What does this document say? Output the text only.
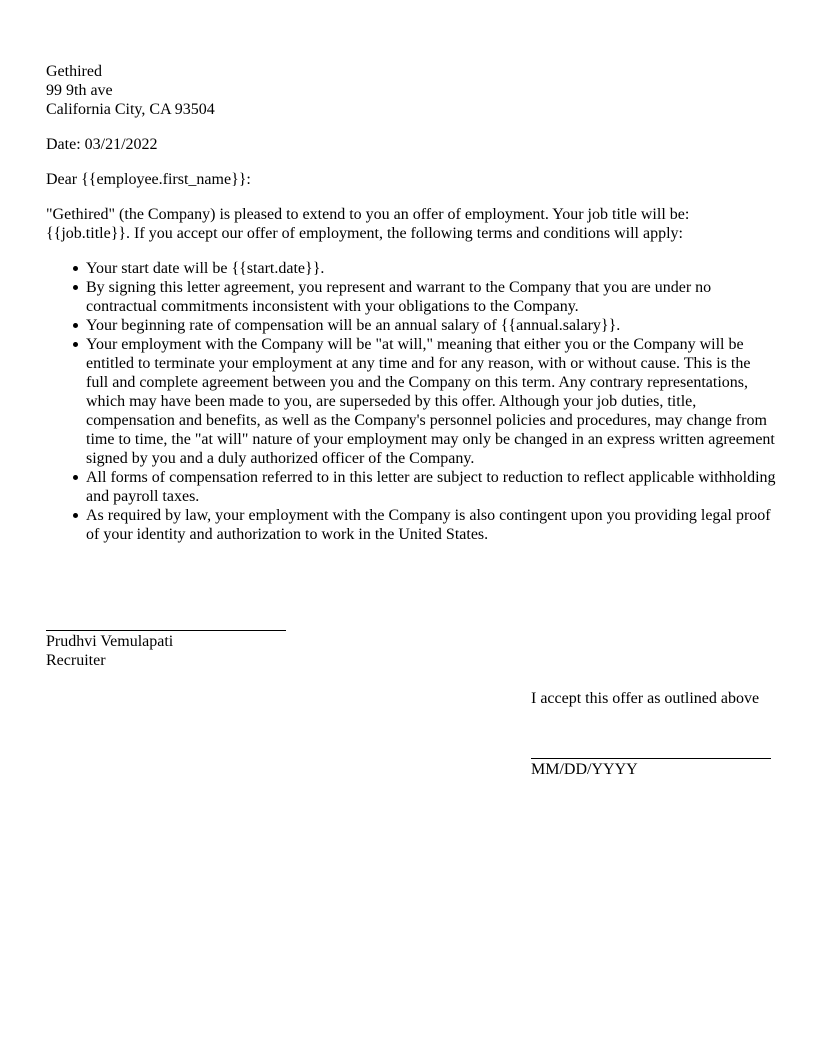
Gethired
99 9th ave
California City, CA 93504
Date: 03/21/2022
Dear {{employee.first_name}}:
"Gethired" (the Company) is pleased to extend to you an offer of employment. Your job title will be: {{job.title}}. If you accept our offer of employment, the following terms and conditions will apply:
Your start date will be {{start.date}}.
By signing this letter agreement, you represent and warrant to the Company that you are under no contractual commitments inconsistent with your obligations to the Company.
Your beginning rate of compensation will be an annual salary of {{annual.salary}}.
Your employment with the Company will be "at will," meaning that either you or the Company will be entitled to terminate your employment at any time and for any reason, with or without cause. This is the full and complete agreement between you and the Company on this term. Any contrary representations, which may have been made to you, are superseded by this offer. Although your job duties, title, compensation and benefits, as well as the Company's personnel policies and procedures, may change from time to time, the "at will" nature of your employment may only be changed in an express written agreement signed by you and a duly authorized officer of the Company.
All forms of compensation referred to in this letter are subject to reduction to reflect applicable withholding and payroll taxes.
As required by law, your employment with the Company is also contingent upon you providing legal proof of your identity and authorization to work in the United States.
Prudhvi Vemulapati
Recruiter
I accept this offer as outlined above
MM/DD/YYYY
